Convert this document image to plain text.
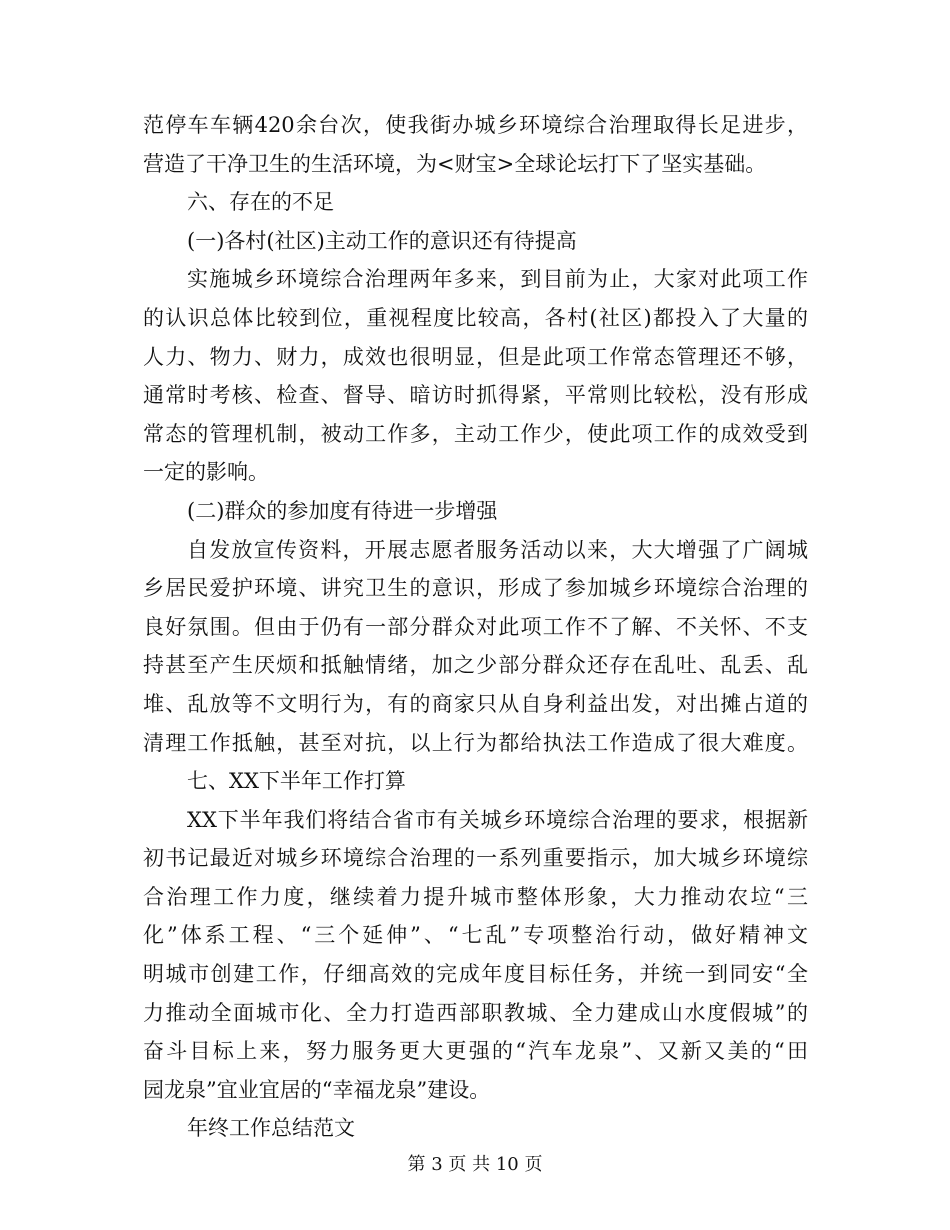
范停车车辆420余台次，使我街办城乡环境综合治理取得长足进步，
营造了干净卫生的生活环境，为<财宝>全球论坛打下了坚实基础。
六、存在的不足
(一)各村(社区)主动工作的意识还有待提高
实施城乡环境综合治理两年多来，到目前为止，大家对此项工作
的认识总体比较到位，重视程度比较高，各村(社区)都投入了大量的
人力、物力、财力，成效也很明显，但是此项工作常态管理还不够，
通常时考核、检查、督导、暗访时抓得紧，平常则比较松，没有形成
常态的管理机制，被动工作多，主动工作少，使此项工作的成效受到
一定的影响。
(二)群众的参加度有待进一步增强
自发放宣传资料，开展志愿者服务活动以来，大大增强了广阔城
乡居民爱护环境、讲究卫生的意识，形成了参加城乡环境综合治理的
良好氛围。但由于仍有一部分群众对此项工作不了解、不关怀、不支
持甚至产生厌烦和抵触情绪，加之少部分群众还存在乱吐、乱丢、乱
堆、乱放等不文明行为，有的商家只从自身利益出发，对出摊占道的
清理工作抵触，甚至对抗，以上行为都给执法工作造成了很大难度。
七、XX下半年工作打算
XX下半年我们将结合省市有关城乡环境综合治理的要求，根据新
初书记最近对城乡环境综合治理的一系列重要指示，加大城乡环境综
合治理工作力度，继续着力提升城市整体形象，大力推动农垃“三
化”体系工程、“三个延伸”、“七乱”专项整治行动，做好精神文
明城市创建工作，仔细高效的完成年度目标任务，并统一到同安“全
力推动全面城市化、全力打造西部职教城、全力建成山水度假城”的
奋斗目标上来，努力服务更大更强的“汽车龙泉”、又新又美的“田
园龙泉”宜业宜居的“幸福龙泉”建设。
年终工作总结范文
第 3 页 共 10 页
